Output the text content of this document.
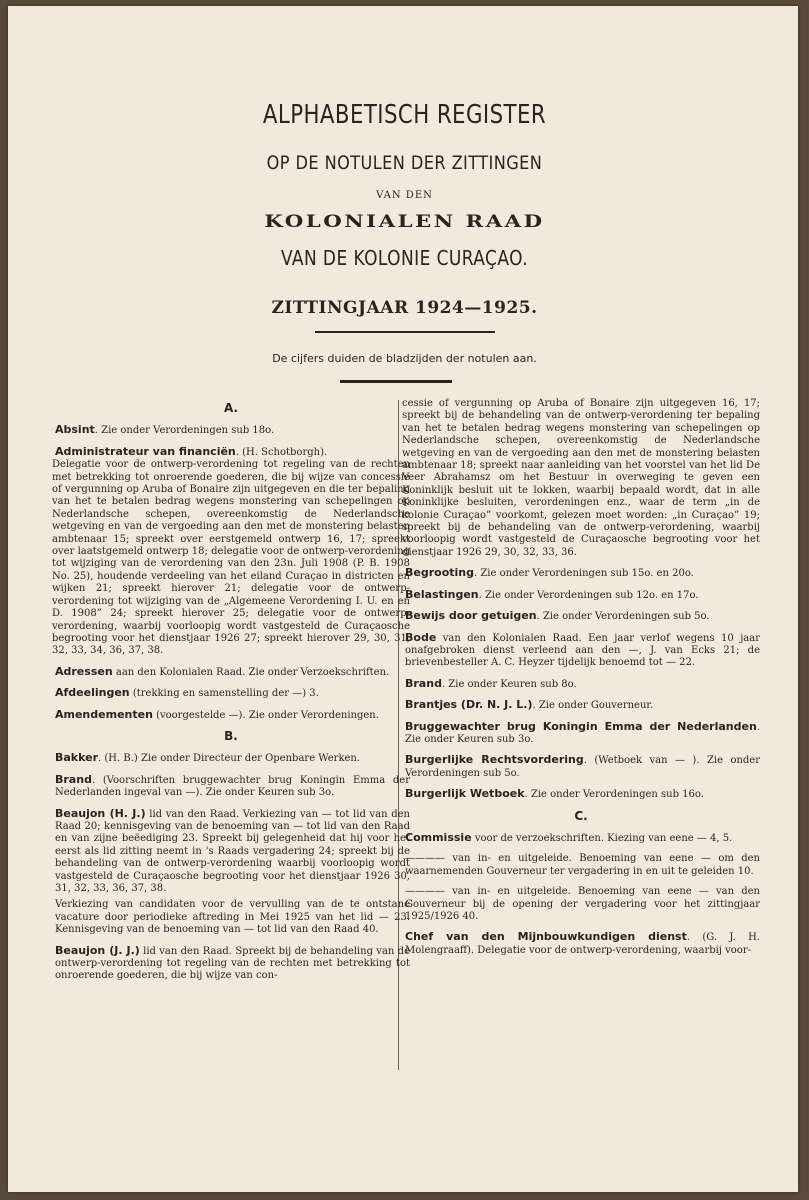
ALPHABETISCH REGISTER
OP DE NOTULEN DER ZITTINGEN
VAN DEN
KOLONIALEN RAAD
VAN DE KOLONIE CURAÇAO.
ZITTINGJAAR 1924—1925.
De cijfers duiden de bladzijden der notulen aan.
A.

Absint. Zie onder Verordeningen sub 18o.

Administrateur van financiën. (H. Schotborgh).

Delegatie voor de ontwerp-verordening tot regeling van de rechten met betrekking tot onroerende goederen, die bij wijze van concessie of vergunning op Aruba of Bonaire zijn uitgegeven en die ter bepaling van het te betalen bedrag wegens monstering van schepelingen op Nederlandsche schepen, overeenkomstig de Nederlandsche wetgeving en van de vergoeding aan den met de monstering belasten ambtenaar 15; spreekt over eerstgemeld ontwerp 16, 17; spreekt over laatstgemeld ontwerp 18; delegatie voor de ontwerp-verordening tot wijziging van de verordening van den 23n. Juli 1908 (P. B. 1908 No. 25), houdende verdeeling van het eiland Curaçao in districten en wijken 21; spreekt hierover 21; delegatie voor de ontwerp-verordening tot wijziging van de „Algemeene Verordening I. U. en en D. 1908” 24; spreekt hierover 25; delegatie voor de ontwerp-verordening, waarbij voorloopig wordt vastgesteld de Curaçaosche begrooting voor het dienstjaar 1926 27; spreekt hierover 29, 30, 31, 32, 33, 34, 36, 37, 38.

Adressen aan den Kolonialen Raad. Zie onder Verzoekschriften.

Afdeelingen (trekking en samenstelling der —) 3.

Amendementen (voorgestelde —). Zie onder Verordeningen.

B.

Bakker. (H. B.) Zie onder Directeur der Openbare Werken.

Brand. (Voorschriften bruggewachter brug Koningin Emma der Nederlanden ingeval van —). Zie onder Keuren sub 3o.

Beaujon (H. J.) lid van den Raad. Verkiezing van — tot lid van den Raad 20; kennisgeving van de benoeming van — tot lid van den Raad en van zijne beëediging 23. Spreekt bij gelegenheid dat hij voor het eerst als lid zitting neemt in 's Raads vergadering 24; spreekt bij de behandeling van de ontwerp-verordening waarbij voorloopig wordt vastgesteld de Curaçaosche begrooting voor het dienstjaar 1926 30, 31, 32, 33, 36, 37, 38.

Verkiezing van candidaten voor de vervulling van de te ontstane vacature door periodieke aftreding in Mei 1925 van het lid — 23. Kennisgeving van de benoeming van — tot lid van den Raad 40.

Beaujon (J. J.) lid van den Raad. Spreekt bij de behandeling van de ontwerp-verordening tot regeling van de rechten met betrekking tot onroerende goederen, die bij wijze van con-

cessie of vergunning op Aruba of Bonaire zijn uitgegeven 16, 17; spreekt bij de behandeling van de ontwerp-verordening ter bepaling van het te betalen bedrag wegens monstering van schepelingen op Nederlandsche schepen, overeenkomstig de Nederlandsche wetgeving en van de vergoeding aan den met de monstering belasten ambtenaar 18; spreekt naar aanleiding van het voorstel van het lid De Veer Abrahamsz om het Bestuur in overweging te geven een Koninklijk besluit uit te lokken, waarbij bepaald wordt, dat in alle Koninklijke besluiten, verordeningen enz., waar de term „in de kolonie Curaçao” voorkomt, gelezen moet worden: „in Curaçao” 19; spreekt bij de behandeling van de ontwerp-verordening, waarbij voorloopig wordt vastgesteld de Curaçaosche begrooting voor het dienstjaar 1926 29, 30, 32, 33, 36.

Begrooting. Zie onder Verordeningen sub 15o. en 20o.

Belastingen. Zie onder Verordeningen sub 12o. en 17o.

Bewijs door getuigen. Zie onder Verordeningen sub 5o.

Bode van den Kolonialen Raad. Een jaar verlof wegens 10 jaar onafgebroken dienst verleend aan den —, J. van Ecks 21; de brievenbesteller A. C. Heyzer tijdelijk benoemd tot — 22.

Brand. Zie onder Keuren sub 8o.

Brantjes (Dr. N. J. L.). Zie onder Gouverneur.

Bruggewachter brug Koningin Emma der Nederlanden. Zie onder Keuren sub 3o.

Burgerlijke Rechtsvordering. (Wetboek van — ). Zie onder Verordeningen sub 5o.

Burgerlijk Wetboek. Zie onder Verordeningen sub 16o.

C.

Commissie voor de verzoekschriften. Kiezing van eene — 4, 5.

———— van in- en uitgeleide. Benoeming van eene — om den waarnemenden Gouverneur ter vergadering in en uit te geleiden 10.

———— van in- en uitgeleide. Benoeming van eene — van den Gouverneur bij de opening der vergadering voor het zittingjaar 1925/1926 40.

Chef van den Mijnbouwkundigen dienst. (G. J. H. Molengraaff). Delegatie voor de ontwerp-verordening, waarbij voor-
